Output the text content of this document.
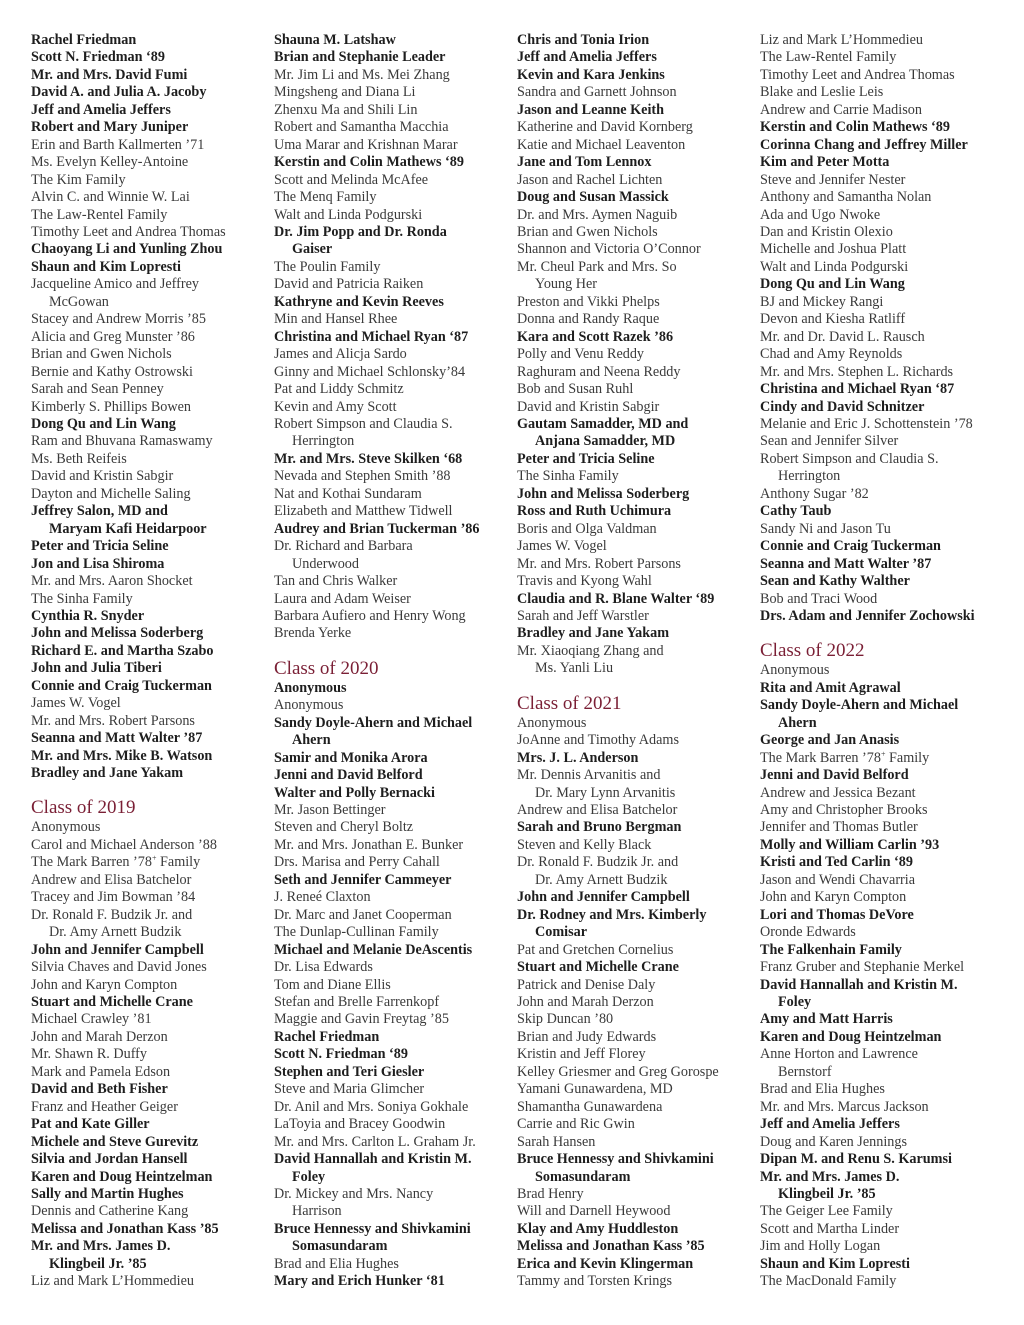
Rachel Friedman
Scott N. Friedman ‘89
Mr. and Mrs. David Fumi
David A. and Julia A. Jacoby
Jeff and Amelia Jeffers
Robert and Mary Juniper
Erin and Barth Kallmerten ’71
Ms. Evelyn Kelley-Antoine
The Kim Family
Alvin C. and Winnie W. Lai
The Law-Rentel Family
Timothy Leet and Andrea Thomas
Chaoyang Li and Yunling Zhou
Shaun and Kim Lopresti
Jacqueline Amico and Jeffrey
McGowan
Stacey and Andrew Morris ’85
Alicia and Greg Munster ’86
Brian and Gwen Nichols
Bernie and Kathy Ostrowski
Sarah and Sean Penney
Kimberly S. Phillips Bowen
Dong Qu and Lin Wang
Ram and Bhuvana Ramaswamy
Ms. Beth Reifeis
David and Kristin Sabgir
Dayton and Michelle Saling
Jeffrey Salon, MD and
Maryam Kafi Heidarpoor
Peter and Tricia Seline
Jon and Lisa Shiroma
Mr. and Mrs. Aaron Shocket
The Sinha Family
Cynthia R. Snyder
John and Melissa Soderberg
Richard E. and Martha Szabo
John and Julia Tiberi
Connie and Craig Tuckerman
James W. Vogel
Mr. and Mrs. Robert Parsons
Seanna and Matt Walter ’87
Mr. and Mrs. Mike B. Watson
Bradley and Jane Yakam
Class of 2019
Anonymous
Carol and Michael Anderson ’88
The Mark Barren ’78+ Family
Andrew and Elisa Batchelor
Tracey and Jim Bowman ’84
Dr. Ronald F. Budzik Jr. and
Dr. Amy Arnett Budzik
John and Jennifer Campbell
Silvia Chaves and David Jones
John and Karyn Compton
Stuart and Michelle Crane
Michael Crawley ’81
John and Marah Derzon
Mr. Shawn R. Duffy
Mark and Pamela Edson
David and Beth Fisher
Franz and Heather Geiger
Pat and Kate Giller
Michele and Steve Gurevitz
Silvia and Jordan Hansell
Karen and Doug Heintzelman
Sally and Martin Hughes
Dennis and Catherine Kang
Melissa and Jonathan Kass ’85
Mr. and Mrs. James D.
Klingbeil Jr. ’85
Liz and Mark L’Hommedieu
Shauna M. Latshaw
Brian and Stephanie Leader
Mr. Jim Li and Ms. Mei Zhang
Mingsheng and Diana Li
Zhenxu Ma and Shili Lin
Robert and Samantha Macchia
Uma Marar and Krishnan Marar
Kerstin and Colin Mathews ‘89
Scott and Melinda McAfee
The Menq Family
Walt and Linda Podgurski
Dr. Jim Popp and Dr. Ronda
Gaiser
The Poulin Family
David and Patricia Raiken
Kathryne and Kevin Reeves
Min and Hansel Rhee
Christina and Michael Ryan ‘87
James and Alicja Sardo
Ginny and Michael Schlonsky’84
Pat and Liddy Schmitz
Kevin and Amy Scott
Robert Simpson and Claudia S.
Herrington
Mr. and Mrs. Steve Skilken ‘68
Nevada and Stephen Smith ’88
Nat and Kothai Sundaram
Elizabeth and Matthew Tidwell
Audrey and Brian Tuckerman ’86
Dr. Richard and Barbara
Underwood
Tan and Chris Walker
Laura and Adam Weiser
Barbara Aufiero and Henry Wong
Brenda Yerke
Class of 2020
Anonymous
Anonymous
Sandy Doyle-Ahern and Michael
Ahern
Samir and Monika Arora
Jenni and David Belford
Walter and Polly Bernacki
Mr. Jason Bettinger
Steven and Cheryl Boltz
Mr. and Mrs. Jonathan E. Bunker
Drs. Marisa and Perry Cahall
Seth and Jennifer Cammeyer
J. Reneé Claxton
Dr. Marc and Janet Cooperman
The Dunlap-Cullinan Family
Michael and Melanie DeAscentis
Dr. Lisa Edwards
Tom and Diane Ellis
Stefan and Brelle Farrenkopf
Maggie and Gavin Freytag ’85
Rachel Friedman
Scott N. Friedman ‘89
Stephen and Teri Giesler
Steve and Maria Glimcher
Dr. Anil and Mrs. Soniya Gokhale
LaToyia and Bracey Goodwin
Mr. and Mrs. Carlton L. Graham Jr.
David Hannallah and Kristin M.
Foley
Dr. Mickey and Mrs. Nancy
Harrison
Bruce Hennessy and Shivkamini
Somasundaram
Brad and Elia Hughes
Mary and Erich Hunker ‘81
Chris and Tonia Irion
Jeff and Amelia Jeffers
Kevin and Kara Jenkins
Sandra and Garnett Johnson
Jason and Leanne Keith
Katherine and David Kornberg
Katie and Michael Leaventon
Jane and Tom Lennox
Jason and Rachel Lichten
Doug and Susan Massick
Dr. and Mrs. Aymen Naguib
Brian and Gwen Nichols
Shannon and Victoria O’Connor
Mr. Cheul Park and Mrs. So
Young Her
Preston and Vikki Phelps
Donna and Randy Raque
Kara and Scott Razek ’86
Polly and Venu Reddy
Raghuram and Neena Reddy
Bob and Susan Ruhl
David and Kristin Sabgir
Gautam Samadder, MD and
Anjana Samadder, MD
Peter and Tricia Seline
The Sinha Family
John and Melissa Soderberg
Ross and Ruth Uchimura
Boris and Olga Valdman
James W. Vogel
Mr. and Mrs. Robert Parsons
Travis and Kyong Wahl
Claudia and R. Blane Walter ‘89
Sarah and Jeff Warstler
Bradley and Jane Yakam
Mr. Xiaoqiang Zhang and
Ms. Yanli Liu
Class of 2021
Anonymous
JoAnne and Timothy Adams
Mrs. J. L. Anderson
Mr. Dennis Arvanitis and
Dr. Mary Lynn Arvanitis
Andrew and Elisa Batchelor
Sarah and Bruno Bergman
Steven and Kelly Black
Dr. Ronald F. Budzik Jr. and
Dr. Amy Arnett Budzik
John and Jennifer Campbell
Dr. Rodney and Mrs. Kimberly
Comisar
Pat and Gretchen Cornelius
Stuart and Michelle Crane
Patrick and Denise Daly
John and Marah Derzon
Skip Duncan ’80
Brian and Judy Edwards
Kristin and Jeff Florey
Kelley Griesmer and Greg Gorospe
Yamani Gunawardena, MD
Shamantha Gunawardena
Carrie and Ric Gwin
Sarah Hansen
Bruce Hennessy and Shivkamini
Somasundaram
Brad Henry
Will and Darnell Heywood
Klay and Amy Huddleston
Melissa and Jonathan Kass ’85
Erica and Kevin Klingerman
Tammy and Torsten Krings
Liz and Mark L’Hommedieu
The Law-Rentel Family
Timothy Leet and Andrea Thomas
Blake and Leslie Leis
Andrew and Carrie Madison
Kerstin and Colin Mathews ‘89
Corinna Chang and Jeffrey Miller
Kim and Peter Motta
Steve and Jennifer Nester
Anthony and Samantha Nolan
Ada and Ugo Nwoke
Dan and Kristin Olexio
Michelle and Joshua Platt
Walt and Linda Podgurski
Dong Qu and Lin Wang
BJ and Mickey Rangi
Devon and Kiesha Ratliff
Mr. and Dr. David L. Rausch
Chad and Amy Reynolds
Mr. and Mrs. Stephen L. Richards
Christina and Michael Ryan ‘87
Cindy and David Schnitzer
Melanie and Eric J. Schottenstein ’78
Sean and Jennifer Silver
Robert Simpson and Claudia S.
Herrington
Anthony Sugar ’82
Cathy Taub
Sandy Ni and Jason Tu
Connie and Craig Tuckerman
Seanna and Matt Walter ’87
Sean and Kathy Walther
Bob and Traci Wood
Drs. Adam and Jennifer Zochowski
Class of 2022
Anonymous
Rita and Amit Agrawal
Sandy Doyle-Ahern and Michael
Ahern
George and Jan Anasis
The Mark Barren ’78+ Family
Jenni and David Belford
Andrew and Jessica Bezant
Amy and Christopher Brooks
Jennifer and Thomas Butler
Molly and William Carlin ’93
Kristi and Ted Carlin ‘89
Jason and Wendi Chavarria
John and Karyn Compton
Lori and Thomas DeVore
Oronde Edwards
The Falkenhain Family
Franz Gruber and Stephanie Merkel
David Hannallah and Kristin M.
Foley
Amy and Matt Harris
Karen and Doug Heintzelman
Anne Horton and Lawrence
Bernstorf
Brad and Elia Hughes
Mr. and Mrs. Marcus Jackson
Jeff and Amelia Jeffers
Doug and Karen Jennings
Dipan M. and Renu S. Karumsi
Mr. and Mrs. James D.
Klingbeil Jr. ’85
The Geiger Lee Family
Scott and Martha Linder
Jim and Holly Logan
Shaun and Kim Lopresti
The MacDonald Family
